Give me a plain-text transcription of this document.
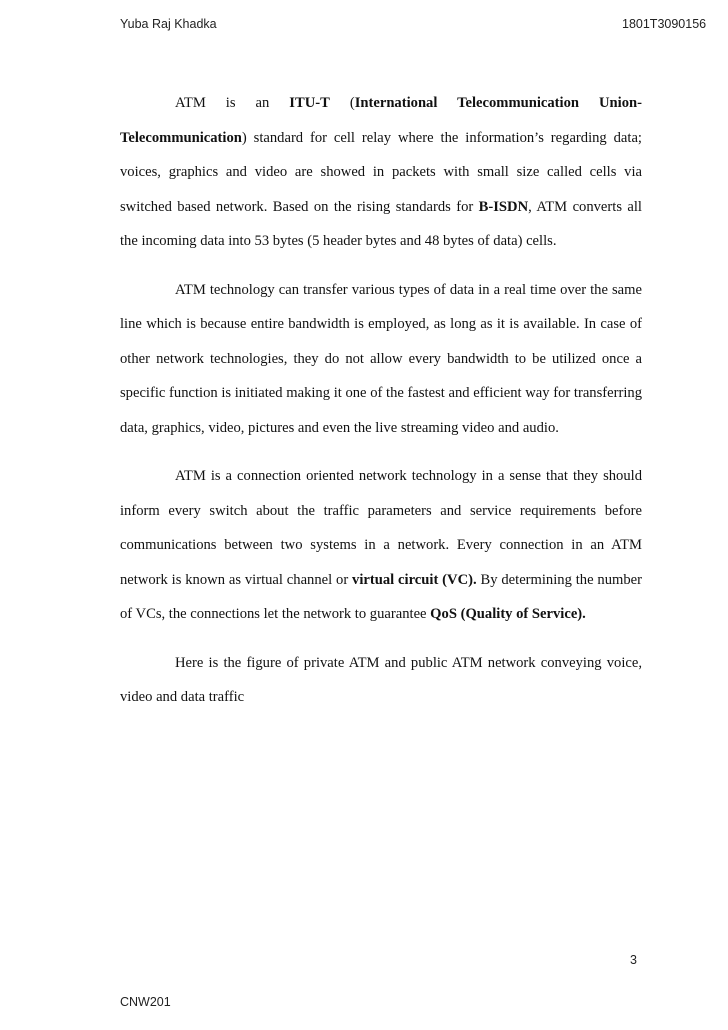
Yuba Raj Khadka	1801T3090156

ATM is an ITU-T (International Telecommunication Union-Telecommunication) standard for cell relay where the information’s regarding data; voices, graphics and video are showed in packets with small size called cells via switched based network. Based on the rising standards for B-ISDN, ATM converts all the incoming data into 53 bytes (5 header bytes and 48 bytes of data) cells.

ATM technology can transfer various types of data in a real time over the same line which is because entire bandwidth is employed, as long as it is available. In case of other network technologies, they do not allow every bandwidth to be utilized once a specific function is initiated making it one of the fastest and efficient way for transferring data, graphics, video, pictures and even the live streaming video and audio.

ATM is a connection oriented network technology in a sense that they should inform every switch about the traffic parameters and service requirements before communications between two systems in a network. Every connection in an ATM network is known as virtual channel or virtual circuit (VC). By determining the number of VCs, the connections let the network to guarantee QoS (Quality of Service).

Here is the figure of private ATM and public ATM network conveying voice, video and data traffic

3
CNW201
